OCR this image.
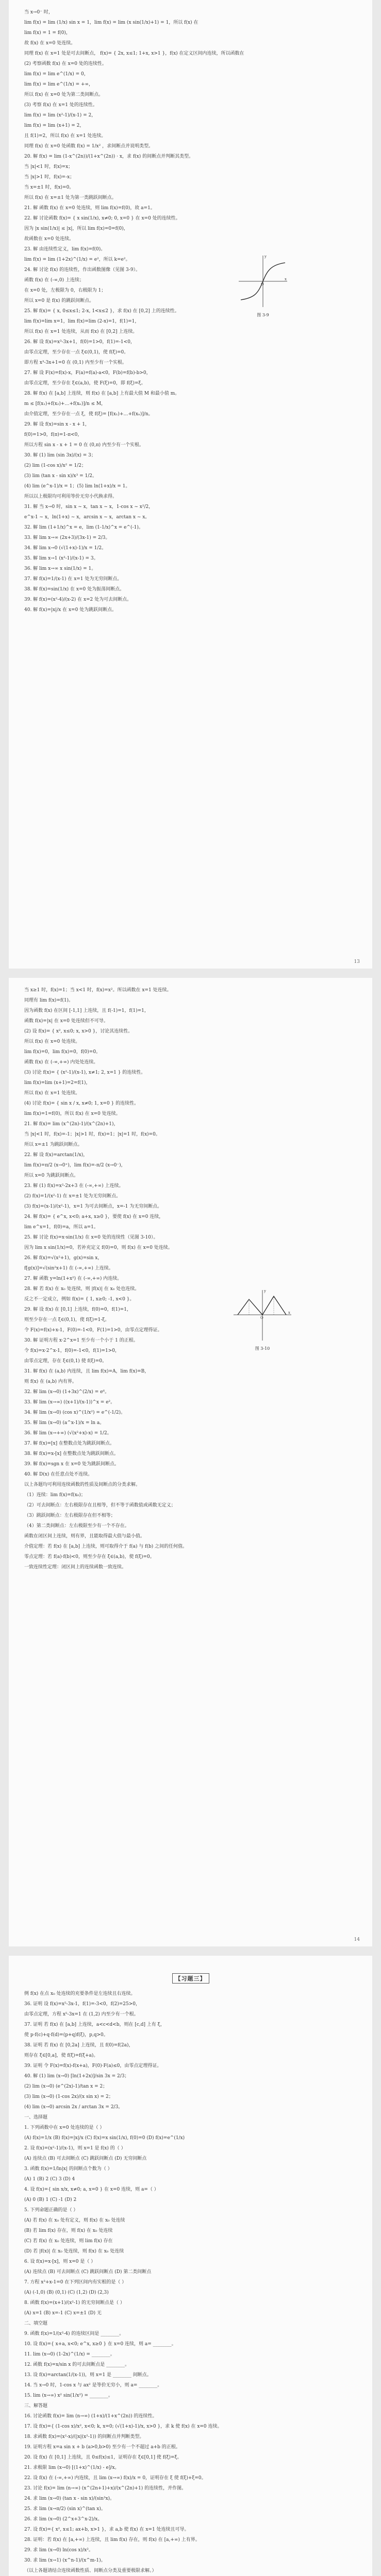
当 x→0⁻ 时，
lim f(x) = lim (1/x) sin x = 1，lim f(x) = lim (x sin(1/x)+1) = 1，所以 f(x) 在
lim f(x) = 1 = f(0)，
故 f(x) 在 x=0 处连续。
同理 f(x) 在 x=1 处是可去间断点， f(x)= { 2x, x≤1; 1+x, x>1 }，f(x) 在定义区间内连续，所以函数在
(2) 考察函数 f(x) 在 x=0 处的连续性。
lim f(x) = lim e^(1/x) = 0，
lim f(x) = lim e^(1/x) = +∞，
所以 f(x) 在 x=0 处为第二类间断点。
(3) 考察 f(x) 在 x=1 处的连续性。
lim f(x) = lim (x²-1)/(x-1) = 2，
lim f(x) = lim (x+1) = 2，
且 f(1)=2，所以 f(x) 在 x=1 处连续。
同理 f(x) 在 x=0 处函数 f(x) = 1/x² ，求间断点并说明类型。
20. 解 f(x) = lim (1-x^(2n))/(1+x^(2n)) · x，求 f(x) 的间断点并判断其类型。
当 |x|<1 时，f(x)=x；
当 |x|>1 时，f(x)=-x；
当 x=±1 时，f(x)=0。
所以 f(x) 在 x=±1 处为第一类跳跃间断点。
21. 解 函数 f(x) 在 x=0 处连续，则 lim f(x)=f(0)，故 a=1。
22. 解 讨论函数 f(x)= { x sin(1/x), x≠0; 0, x=0 } 在 x=0 处的连续性。
因为 |x sin(1/x)| ≤ |x|，所以 lim f(x)=0=f(0)，
故函数在 x=0 处连续。
23. 解 由连续性定义，lim f(x)=f(0)。
lim f(x) = lim (1+2x)^(1/x) = e²，所以 k=e²。
24. 解 讨论 f(x) 的连续性，作出函数图像（见图 3-9）。
函数 f(x) 在 (-∞,0) 上连续；
在 x=0 处，左极限为 0，右极限为 1；
所以 x=0 是 f(x) 的跳跃间断点。
25. 解 f(x)= { x, 0≤x≤1; 2-x, 1<x≤2 }，求 f(x) 在 [0,2] 上的连续性。
lim f(x)=lim x=1，lim f(x)=lim (2-x)=1，f(1)=1，
所以 f(x) 在 x=1 处连续，从而 f(x) 在 [0,2] 上连续。
26. 解 设 f(x)=x³-3x+1，f(0)=1>0，f(1)=-1<0，
由零点定理，至少存在一点 ξ∈(0,1)，使 f(ξ)=0。
即方程 x³-3x+1=0 在 (0,1) 内至少有一个实根。
27. 解 设 F(x)=f(x)-x，F(a)=f(a)-a<0，F(b)=f(b)-b>0，
由零点定理，至少存在 ξ∈(a,b)，使 F(ξ)=0，即 f(ξ)=ξ。
28. 解 f(x) 在 [a,b] 上连续，则 f(x) 在 [a,b] 上有最大值 M 和最小值 m。
m ≤ [f(x₁)+f(x₂)+…+f(xₙ)]/n ≤ M，
由介值定理，至少存在一点 ξ，使 f(ξ)= [f(x₁)+…+f(xₙ)]/n。
29. 解 设 f(x)=sin x - x + 1，
f(0)=1>0，f(π)=1-π<0，
所以方程 sin x - x + 1 = 0 在 (0,π) 内至少有一个实根。
30. 解 (1) lim (sin 3x)/(x) = 3；
(2) lim (1-cos x)/x² = 1/2；
(3) lim (tan x - sin x)/x³ = 1/2。
(4) lim (e^x-1)/x = 1；(5) lim ln(1+x)/x = 1。
所以以上极限均可利用等价无穷小代换求得。
31. 解 当 x→0 时，sin x ~ x，tan x ~ x，1-cos x ~ x²/2，
e^x-1 ~ x，ln(1+x) ~ x，arcsin x ~ x，arctan x ~ x。
32. 解 lim (1+1/x)^x = e，lim (1-1/x)^x = e^(-1)。
33. 解 lim x→∞ (2x+3)/(3x-1) = 2/3。
34. 解 lim x→0 (√(1+x)-1)/x = 1/2。
35. 解 lim x→1 (x³-1)/(x-1) = 3。
36. 解 lim x→∞ x sin(1/x) = 1。
37. 解 f(x)=1/(x-1) 在 x=1 处为无穷间断点。
38. 解 f(x)=sin(1/x) 在 x=0 处为振荡间断点。
39. 解 f(x)=(x²-4)/(x-2) 在 x=2 处为可去间断点。
40. 解 f(x)=|x|/x 在 x=0 处为跳跃间断点。
x
y
O
图 3-9
13
当 x≥1 时，f(x)=1；当 x<1 时，f(x)=x²。所以函数在 x=1 处连续。
同理有 lim f(x)=f(1)。
因为函数 f(x) 在区间 [-1,1] 上连续，且 f(-1)=1，f(1)=1，
函数 f(x)=|x| 在 x=0 处连续但不可导。
(2) 设 f(x)= { x², x≤0; x, x>0 }，讨论其连续性。
所以 f(x) 在 x=0 处连续。
lim f(x)=0，lim f(x)=0，f(0)=0。
函数 f(x) 在 (-∞,+∞) 内处处连续。
(3) 讨论 f(x)= { (x²-1)/(x-1), x≠1; 2, x=1 } 的连续性。
lim f(x)=lim (x+1)=2=f(1)，
所以 f(x) 在 x=1 处连续。
(4) 讨论 f(x)= { sin x / x, x≠0; 1, x=0 } 的连续性。
lim f(x)=1=f(0)，所以 f(x) 在 x=0 处连续。
21. 解 f(x)= lim (x^(2n)-1)/(x^(2n)+1)，
当 |x|<1 时，f(x)=-1；|x|>1 时，f(x)=1；|x|=1 时，f(x)=0。
所以 x=±1 为跳跃间断点。
22. 解 设 f(x)=arctan(1/x)，
lim f(x)=π/2 (x→0⁺)，lim f(x)=-π/2 (x→0⁻)，
所以 x=0 为跳跃间断点。
23. 解 (1) f(x)=x²-2x+3 在 (-∞,+∞) 上连续。
(2) f(x)=1/(x²-1) 在 x=±1 处为无穷间断点。
(3) f(x)=(x-1)/(x²-1)，x=1 为可去间断点，x=-1 为无穷间断点。
24. 解 f(x)= { e^x, x<0; a+x, x≥0 }，要使 f(x) 在 x=0 连续，
lim e^x=1，f(0)=a，所以 a=1。
25. 解 讨论 f(x)=x·sin(1/x) 在 x=0 处的连续性（见图 3-10）。
因为 lim x sin(1/x)=0，若补充定义 f(0)=0，则 f(x) 在 x=0 处连续。
26. 解 f(x)=√(x²+1)，g(x)=sin x，
f[g(x)]=√(sin²x+1) 在 (-∞,+∞) 上连续。
27. 解 函数 y=ln(1+x²) 在 (-∞,+∞) 内连续。
28. 解 若 f(x) 在 x₀ 处连续，则 |f(x)| 在 x₀ 处也连续。
反之不一定成立，例如 f(x)= { 1, x≥0; -1, x<0 }。
29. 解 设 f(x) 在 [0,1] 上连续，f(0)=0，f(1)=1，
则至少存在一点 ξ∈(0,1)，使 f(ξ)=1-ξ。
令 F(x)=f(x)+x-1，F(0)=-1<0，F(1)=1>0，由零点定理得证。
30. 解 证明方程 x·2^x=1 至少有一个小于 1 的正根。
令 f(x)=x·2^x-1，f(0)=-1<0，f(1)=1>0，
由零点定理，存在 ξ∈(0,1) 使 f(ξ)=0。
31. 解 f(x) 在 (a,b) 内连续，且 lim f(x)=A，lim f(x)=B，
则 f(x) 在 (a,b) 内有界。
32. 解 lim (x→0) (1+3x)^(2/x) = e⁶。
33. 解 lim (x→∞) ((x+1)/(x-1))^x = e²。
34. 解 lim (x→0) (cos x)^(1/x²) = e^(-1/2)。
35. 解 lim (x→0) (a^x-1)/x = ln a。
36. 解 lim (x→+∞) (√(x²+x)-x) = 1/2。
37. 解 f(x)=[x] 在整数点处为跳跃间断点。
38. 解 f(x)=x-[x] 在整数点处为跳跃间断点。
39. 解 f(x)=sgn x 在 x=0 处为跳跃间断点。
40. 解 D(x) 在任意点处不连续。
以上各题均可利用连续函数的性质及间断点的分类求解。
（1）连续：lim f(x)=f(x₀)；
（2）可去间断点：左右极限存在且相等，但不等于函数值或函数无定义；
（3）跳跃间断点：左右极限存在但不相等；
（4）第二类间断点：左右极限至少有一个不存在。
函数在闭区间上连续，则有界，且能取得最大值与最小值。
介值定理：若 f(x) 在 [a,b] 上连续，则可取得介于 f(a) 与 f(b) 之间的任何值。
零点定理：若 f(a)·f(b)<0，则至少存在 ξ∈(a,b)，使 f(ξ)=0。
一致连续性定理：闭区间上的连续函数一致连续。
x
y
O
图 3-10
14
【习题三】
例 f(x) 在点 x₀ 处连续的充要条件是左连续且右连续。
36. 证明 设 f(x)=x⁵-3x-1，f(1)=-3<0，f(2)=25>0，
由零点定理，方程 x⁵-3x=1 在 (1,2) 内至少有一个根。
37. 证明 若 f(x) 在 [a,b] 上连续，a<c<d<b，则在 [c,d] 上有 ξ，
使 p·f(c)+q·f(d)=(p+q)f(ξ)，p,q>0。
38. 证明 若 f(x) 在 [0,2a] 上连续，且 f(0)=f(2a)，
则存在 ξ∈[0,a]，使 f(ξ)=f(ξ+a)。
39. 证明 令 F(x)=f(x)-f(x+a)，F(0)·F(a)≤0，由零点定理得证。
40. 解 (1) lim (x→0) [ln(1+2x)]/sin 3x = 2/3；
(2) lim (x→0) (e^(2x)-1)/tan x = 2；
(3) lim (x→0) (1-cos 2x)/(x sin x) = 2；
(4) lim (x→0) arcsin 2x / arctan 3x = 2/3。
一、选择题
1. 下列函数中在 x=0 处连续的是（ ）
(A) f(x)=1/x (B) f(x)=|x|/x (C) f(x)=x sin(1/x), f(0)=0 (D) f(x)=e^(1/x)
2. 设 f(x)=(x²-1)/(x-1)，则 x=1 是 f(x) 的（ ）
(A) 连续点 (B) 可去间断点 (C) 跳跃间断点 (D) 无穷间断点
3. 函数 f(x)=1/ln|x| 的间断点个数为（ ）
(A) 1 (B) 2 (C) 3 (D) 4
4. 设 f(x)={ sin x/x, x≠0; a, x=0 } 在 x=0 连续，则 a=（ ）
(A) 0 (B) 1 (C) -1 (D) 2
5. 下列命题正确的是（ ）
(A) 若 f(x) 在 x₀ 处有定义，则 f(x) 在 x₀ 处连续
(B) 若 lim f(x) 存在，则 f(x) 在 x₀ 处连续
(C) 若 f(x) 在 x₀ 处连续，则 lim f(x) 存在
(D) 若 |f(x)| 在 x₀ 处连续，则 f(x) 在 x₀ 处连续
6. 设 f(x)=x·[x]，则 x=0 是（ ）
(A) 连续点 (B) 可去间断点 (C) 跳跃间断点 (D) 第二类间断点
7. 方程 x³+x-1=0 在下列区间内有实根的是（ ）
(A) (-1,0) (B) (0,1) (C) (1,2) (D) (2,3)
8. 函数 f(x)=(x+1)/(x²-1) 的无穷间断点是（ ）
(A) x=1 (B) x=-1 (C) x=±1 (D) 无
二、填空题
9. 函数 f(x)=1/(x²-4) 的连续区间是 ________。
10. 设 f(x)={ x+a, x<0; e^x, x≥0 } 在 x=0 连续，则 a= ________。
11. lim (x→0) (1-2x)^(1/x) = ________。
12. 函数 f(x)=x/sin x 的可去间断点是 ________。
13. 设 f(x)=arctan(1/(x-1))，则 x=1 是 ________ 间断点。
14. 当 x→0 时，1-cos x 与 ax² 是等价无穷小，则 a= ________。
15. lim (x→∞) x² sin(1/x²) = ________。
三、解答题
16. 讨论函数 f(x)= lim (n→∞) (1+x)/(1+x^(2n)) 的连续性。
17. 设 f(x)={ (1-cos x)/x², x<0; k, x=0; (√(1+x)-1)/x, x>0 }，求 k 使 f(x) 在 x=0 连续。
18. 求函数 f(x)=(x²-x)/(|x|(x²-1)) 的间断点并判断类型。
19. 证明方程 x=a sin x + b (a>0,b>0) 至少有一个不超过 a+b 的正根。
20. 设 f(x) 在 [0,1] 上连续，且 0≤f(x)≤1，证明存在 ξ∈[0,1] 使 f(ξ)=ξ。
21. 求极限 lim (x→0) [(1+x)^(1/x) - e]/x。
22. 设 f(x) 在 (-∞,+∞) 内连续，且 lim (x→∞) f(x)/x = 0，证明存在 ξ 使 f(ξ)+ξ=0。
23. 讨论 f(x)= lim (n→∞) (x^(2n+1)+x)/(x^(2n)+1) 的连续性，并作图。
24. 求 lim (x→0) (tan x - sin x)/(sin³x)。
25. 求 lim (x→π/2) (sin x)^(tan x)。
26. 求 lim (x→0) (2^x+3^x-2)/x。
27. 设 f(x)={ x², x≤1; ax+b, x>1 }，求 a,b 使 f(x) 在 x=1 处连续且可导。
28. 证明：若 f(x) 在 [a,+∞) 上连续，且 lim f(x) 存在，则 f(x) 在 [a,+∞) 上有界。
29. 求 lim (x→0) ln(cos x)/x²。
30. 求 lim (x→1) (x^n-1)/(x^m-1)。
（以上各题请结合连续函数性质、间断点分类及重要极限求解。）
